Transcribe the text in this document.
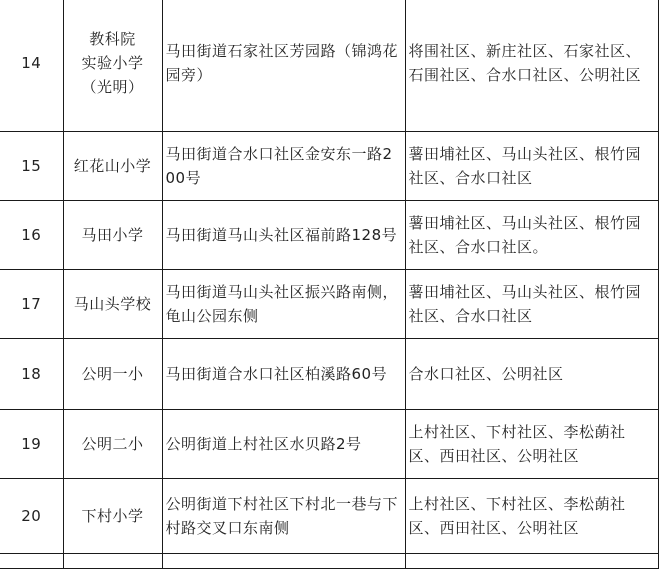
14	教科院
实验小学
（光明）	马田街道石家社区芳园路（锦鸿花园旁）	将围社区、新庄社区、石家社区、石围社区、合水口社区、公明社区
15	红花山小学	马田街道合水口社区金安东一路200号	薯田埔社区、马山头社区、根竹园社区、合水口社区
16	马田小学	马田街道马山头社区福前路128号	薯田埔社区、马山头社区、根竹园社区、合水口社区。
17	马山头学校	马田街道马山头社区振兴路南侧，龟山公园东侧	薯田埔社区、马山头社区、根竹园社区、合水口社区
18	公明一小	马田街道合水口社区柏溪路60号	合水口社区、公明社区
19	公明二小	公明街道上村社区水贝路2号	上村社区、下村社区、李松蓢社区、西田社区、公明社区
20	下村小学	公明街道下村社区下村北一巷与下村路交叉口东南侧	上村社区、下村社区、李松蓢社区、西田社区、公明社区
